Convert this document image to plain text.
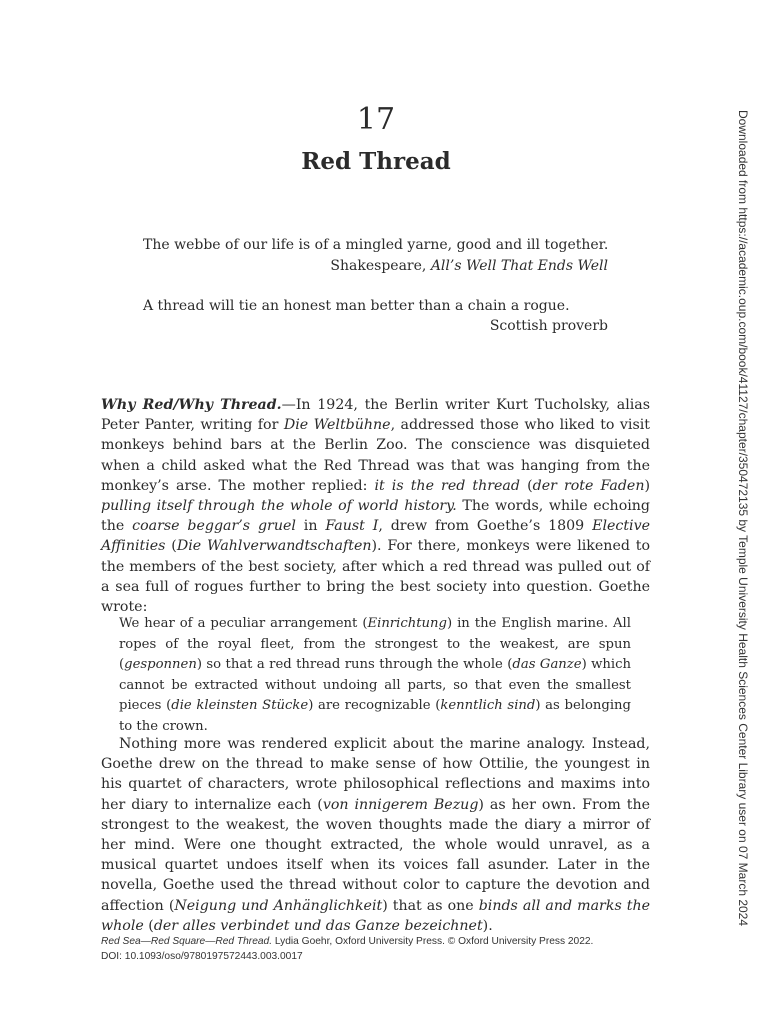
17
Red Thread
The webbe of our life is of a mingled yarne, good and ill together.
Shakespeare, All’s Well That Ends Well
A thread will tie an honest man better than a chain a rogue.
Scottish proverb
Why Red/Why Thread.—In 1924, the Berlin writer Kurt Tucholsky, alias Peter Panter, writing for Die Weltbühne, addressed those who liked to visit monkeys behind bars at the Berlin Zoo. The conscience was disquieted when a child asked what the Red Thread was that was hanging from the monkey’s arse. The mother replied: it is the red thread (der rote Faden) pulling itself through the whole of world history. The words, while echoing the coarse beggar’s gruel in Faust I, drew from Goethe’s 1809 Elective Affinities (Die Wahlverwandtschaften). For there, monkeys were likened to the members of the best society, after which a red thread was pulled out of a sea full of rogues further to bring the best society into question. Goethe wrote:
We hear of a peculiar arrangement (Einrichtung) in the English marine. All ropes of the royal fleet, from the strongest to the weakest, are spun (gesponnen) so that a red thread runs through the whole (das Ganze) which cannot be extracted without undoing all parts, so that even the smallest pieces (die kleinsten Stücke) are recognizable (kenntlich sind) as belonging to the crown.
Nothing more was rendered explicit about the marine analogy. Instead, Goethe drew on the thread to make sense of how Ottilie, the youngest in his quartet of characters, wrote philosophical reflections and maxims into her diary to internalize each (von innigerem Bezug) as her own. From the strongest to the weakest, the woven thoughts made the diary a mirror of her mind. Were one thought extracted, the whole would unravel, as a musical quartet undoes itself when its voices fall asunder. Later in the novella, Goethe used the thread without color to capture the devotion and affection (Neigung und Anhänglichkeit) that as one binds all and marks the whole (der alles verbindet und das Ganze bezeichnet).
Red Sea—Red Square—Red Thread. Lydia Goehr, Oxford University Press. © Oxford University Press 2022.
DOI: 10.1093/oso/9780197572443.003.0017
Downloaded from https://academic.oup.com/book/41127/chapter/350472135 by Temple University Health Sciences Center Library user on 07 March 2024
